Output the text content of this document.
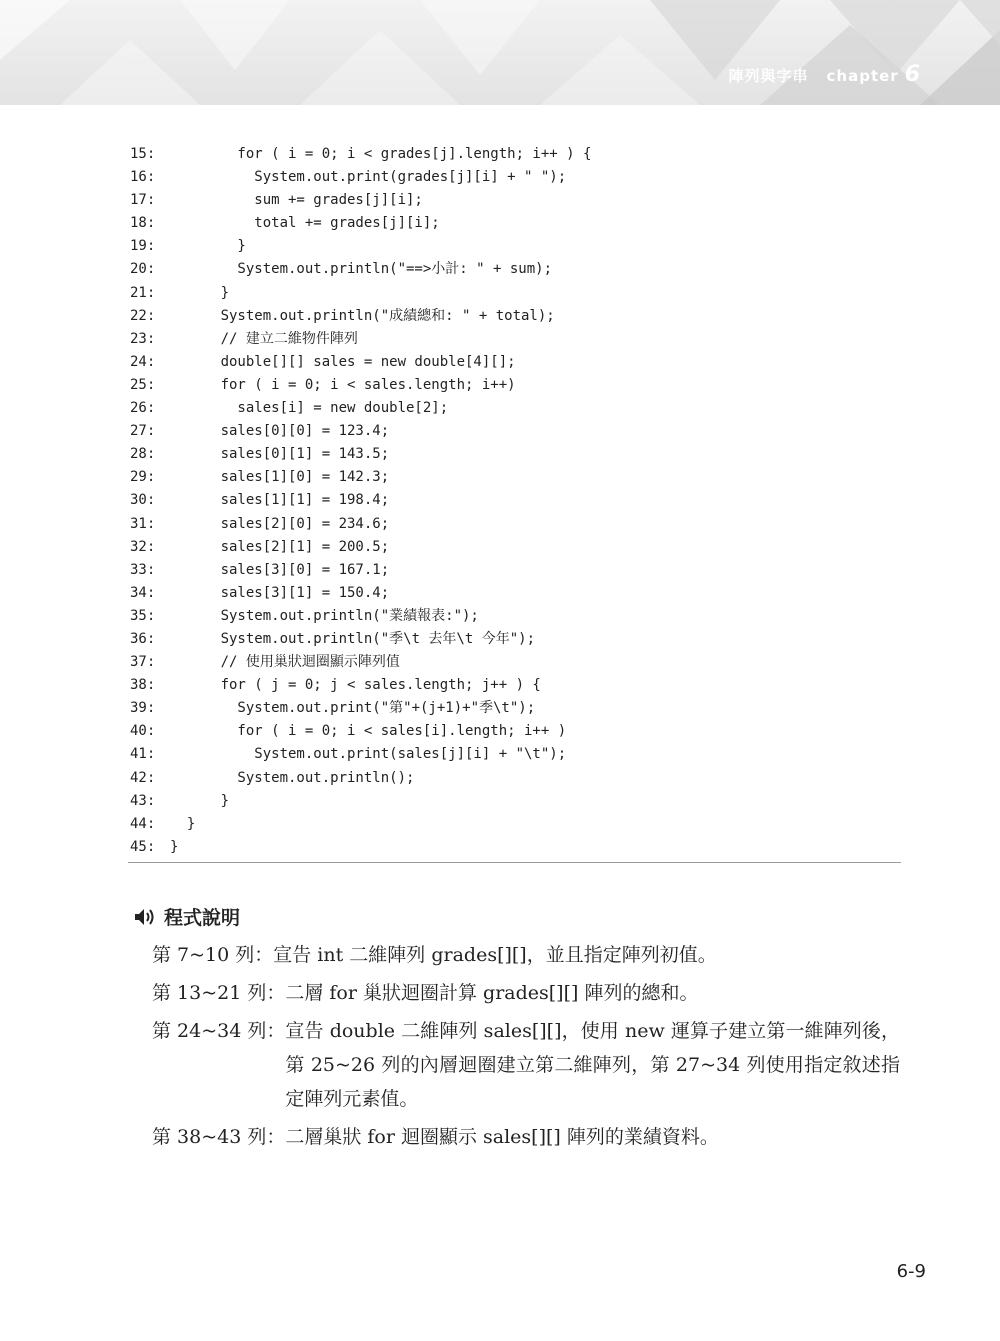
陣列與字串 chapter 6
15:	for ( i = 0; i < grades[j].length; i++ ) {
16:	System.out.print(grades[j][i] + " ");
17:	sum += grades[j][i];
18:	total += grades[j][i];
19:	}
20:	System.out.println("==>小計: " + sum);
21:	}
22:	System.out.println("成績總和: " + total);
23:	// 建立二維物件陣列
24:	double[][] sales = new double[4][];
25:	for ( i = 0; i < sales.length; i++)
26:	sales[i] = new double[2];
27:	sales[0][0] = 123.4;
28:	sales[0][1] = 143.5;
29:	sales[1][0] = 142.3;
30:	sales[1][1] = 198.4;
31:	sales[2][0] = 234.6;
32:	sales[2][1] = 200.5;
33:	sales[3][0] = 167.1;
34:	sales[3][1] = 150.4;
35:	System.out.println("業績報表:");
36:	System.out.println("季\t 去年\t 今年");
37:	// 使用巢狀迴圈顯示陣列值
38:	for ( j = 0; j < sales.length; j++ ) {
39:	System.out.print("第"+(j+1)+"季\t");
40:	for ( i = 0; i < sales[i].length; i++ )
41:	System.out.print(sales[j][i] + "\t");
42:	System.out.println();
43:	}
44:	}
45:	}
程式說明
第 7~10 列： 宣告 int 二維陣列 grades[][]，並且指定陣列初值。
第 13~21 列： 二層 for 巢狀迴圈計算 grades[][] 陣列的總和。
第 24~34 列： 宣告 double 二維陣列 sales[][]，使用 new 運算子建立第一維陣列後，第 25~26 列的內層迴圈建立第二維陣列，第 27~34 列使用指定敘述指定陣列元素值。
第 38~43 列： 二層巢狀 for 迴圈顯示 sales[][] 陣列的業績資料。
6-9
